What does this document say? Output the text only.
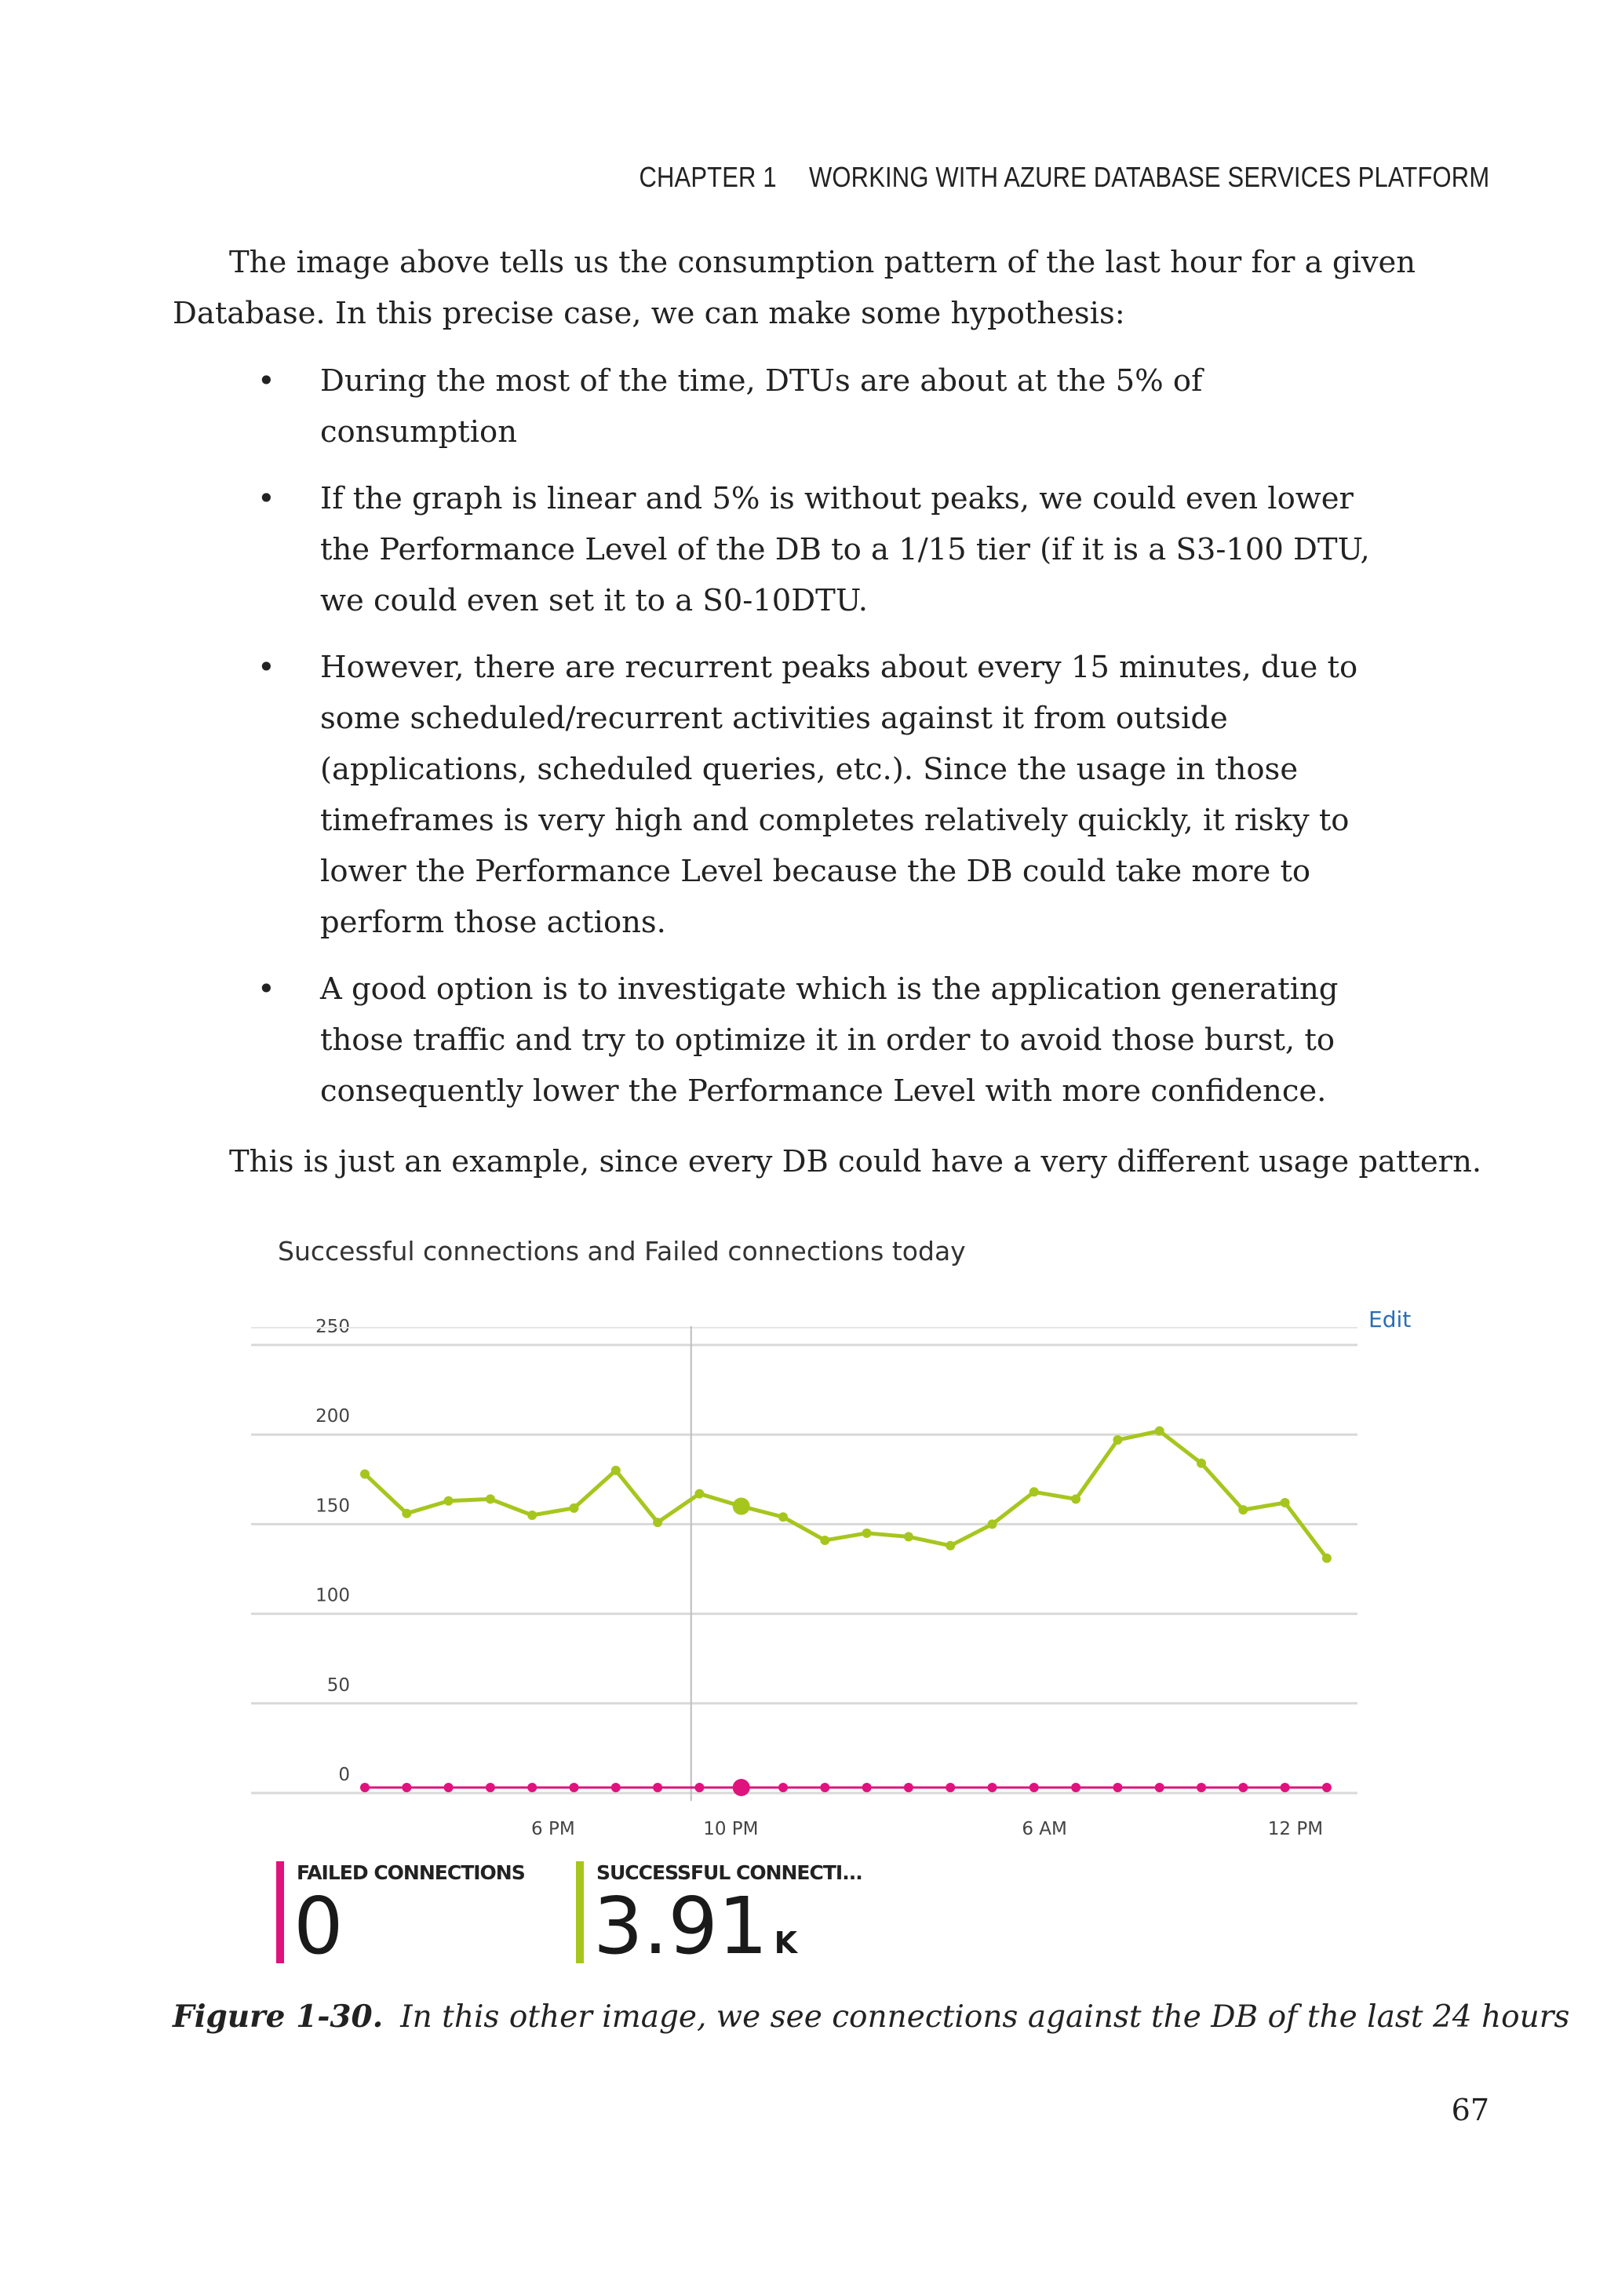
CHAPTER 1 WORKING WITH AZURE DATABASE SERVICES PLATFORM

The image above tells us the consumption pattern of the last hour for a given Database. In this precise case, we can make some hypothesis:

• During the most of the time, DTUs are about at the 5% of consumption
• If the graph is linear and 5% is without peaks, we could even lower the Performance Level of the DB to a 1/15 tier (if it is a S3-100 DTU, we could even set it to a S0-10DTU.
• However, there are recurrent peaks about every 15 minutes, due to some scheduled/recurrent activities against it from outside (applications, scheduled queries, etc.). Since the usage in those timeframes is very high and completes relatively quickly, it risky to lower the Performance Level because the DB could take more to perform those actions.
• A good option is to investigate which is the application generating those traffic and try to optimize it in order to avoid those burst, to consequently lower the Performance Level with more confidence.

This is just an example, since every DB could have a very different usage pattern.

Successful connections and Failed connections today
Edit
0
50
100
150
200
250
6 PM	10 PM	6 AM	12 PM
FAILED CONNECTIONS
0
SUCCESSFUL CONNECTI...
3.91 K
Figure 1-30. In this other image, we see connections against the DB of the last 24 hours
67
